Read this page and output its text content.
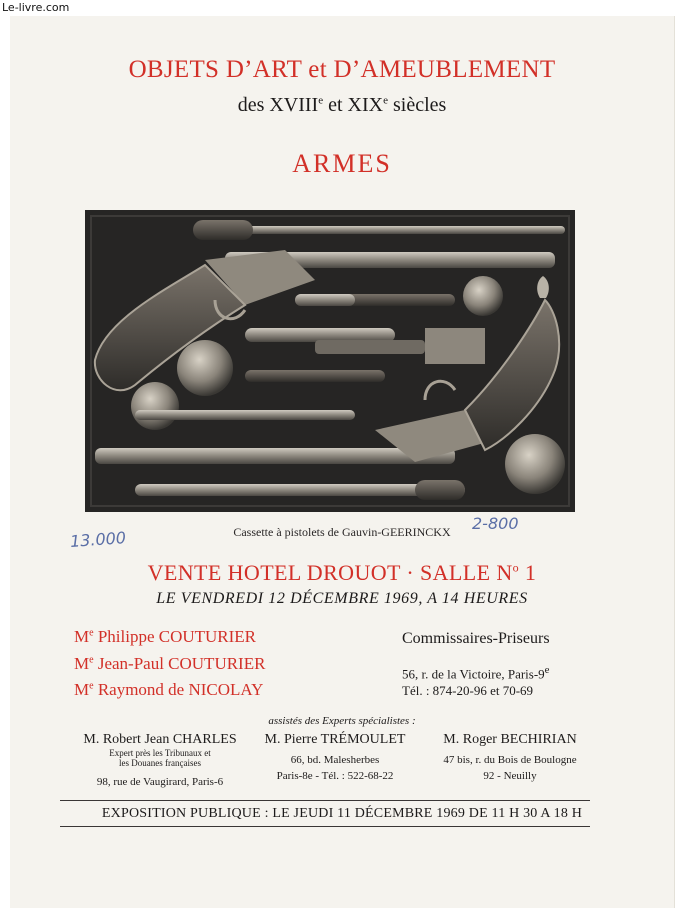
Le-livre.com
OBJETS D’ART et D’AMEUBLEMENT
des XVIIIe et XIXe siècles
ARMES
Cassette à pistolets de Gauvin-GEERINCKX
13.000
2-800
VENTE HOTEL DROUOT · SALLE $N^o$ 1
LE VENDREDI 12 DÉCEMBRE 1969, A 14 HEURES
Me Philippe COUTURIER
Me Jean-Paul COUTURIER
Me Raymond de NICOLAY
Commissaires-Priseurs
56, r. de la Victoire, Paris-9e
Tél. : 874-20-96 et 70-69
assistés des Experts spécialistes :
M. Robert Jean CHARLES
Expert près les Tribunaux et
les Douanes françaises
98, rue de Vaugirard, Paris-6
M. Pierre TRÉMOULET
66, bd. Malesherbes
Paris-8e - Tél. : 522-68-22
M. Roger BECHIRIAN
47 bis, r. du Bois de Boulogne
92 - Neuilly
EXPOSITION PUBLIQUE : LE JEUDI 11 DÉCEMBRE 1969 DE 11 H 30 A 18 H
